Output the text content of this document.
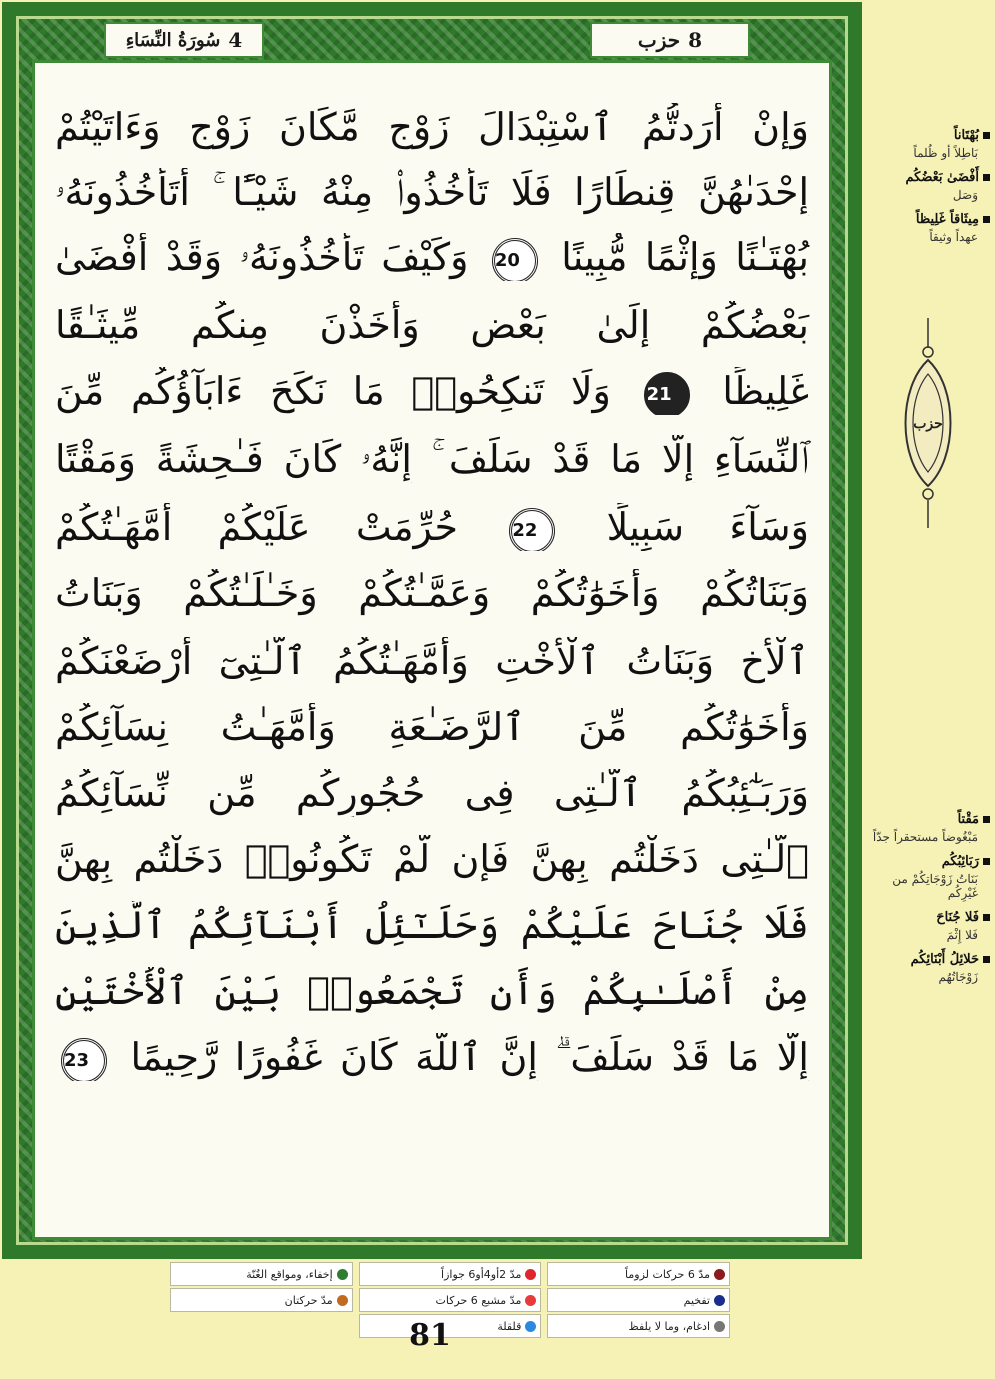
سُورَةُ النِّسَاءِ 4	حزب 8
وَإِنْ أَرَدتُّمُ ٱسْتِبْدَالَ زَوْجٍ مَّكَانَ زَوْجٍ وَءَاتَيْتُمْ
إِحْدَىٰهُنَّ قِنطَارًا فَلَا تَأْخُذُوا۟ مِنْهُ شَيْـًٔا ۚ أَتَأْخُذُونَهُۥ
بُهْتَـٰنًا وَإِثْمًا مُّبِينًا 20 وَكَيْفَ تَأْخُذُونَهُۥ وَقَدْ أَفْضَىٰ
بَعْضُكُمْ إِلَىٰ بَعْضٍ وَأَخَذْنَ مِنكُم مِّيثَـٰقًا
غَلِيظًا 21 وَلَا تَنكِحُوا۟ مَا نَكَحَ ءَابَآؤُكُم مِّنَ
ٱلنِّسَآءِ إِلَّا مَا قَدْ سَلَفَ ۚ إِنَّهُۥ كَانَ فَـٰحِشَةً وَمَقْتًا
وَسَآءَ سَبِيلًا 22 حُرِّمَتْ عَلَيْكُمْ أُمَّهَـٰتُكُمْ
وَبَنَاتُكُمْ وَأَخَوَٰتُكُمْ وَعَمَّـٰتُكُمْ وَخَـٰلَـٰتُكُمْ وَبَنَاتُ
ٱلْأَخِ وَبَنَاتُ ٱلْأُخْتِ وَأُمَّهَـٰتُكُمُ ٱلَّـٰتِىٓ أَرْضَعْنَكُمْ
وَأَخَوَٰتُكُم مِّنَ ٱلرَّضَـٰعَةِ وَأُمَّهَـٰتُ نِسَآئِكُمْ
وَرَبَـٰٓئِبُكُمُ ٱلَّـٰتِى فِى حُجُورِكُم مِّن نِّسَآئِكُمُ
ٱلَّـٰتِى دَخَلْتُم بِهِنَّ فَإِن لَّمْ تَكُونُوا۟ دَخَلْتُم بِهِنَّ
فَلَا جُنَاحَ عَلَيْكُمْ وَحَلَـٰٓئِلُ أَبْنَآئِكُمُ ٱلَّذِينَ
مِنْ أَصْلَـٰبِكُمْ وَأَن تَجْمَعُوا۟ بَيْنَ ٱلْأُخْتَيْنِ
إِلَّا مَا قَدْ سَلَفَ ۗ إِنَّ ٱللَّهَ كَانَ غَفُورًا رَّحِيمًا 23
بُهْتَاناً
بَاطِلاً أو ظُلماً
أَفْضَىٰ بَعْضُكُم
وَصَل
مِيثَاقاً غَلِيظاً
عهداً وثيقاً
حزب
مَقْتاً
مَبْغُوضاً مستحقراً جدّاً
رَبَائِبُكُم
بَنَاتُ زَوْجَاتِكُمْ من غَيْرِكُم
فَلا جُنَاحَ
فَلا إِثْمَ
حَلائِلُ أَبْنَائِكُم
زَوْجَاتُهُم
مدّ 6 حركات لزوماً
مدّ 2أو4أو6 جوازاً
إخفاء، ومواقع الغُنّة
تفخيم
مدّ مشبع 6 حركات
مدّ حركتان
ادغام، وما لا يلفظ
قلقلة
81
